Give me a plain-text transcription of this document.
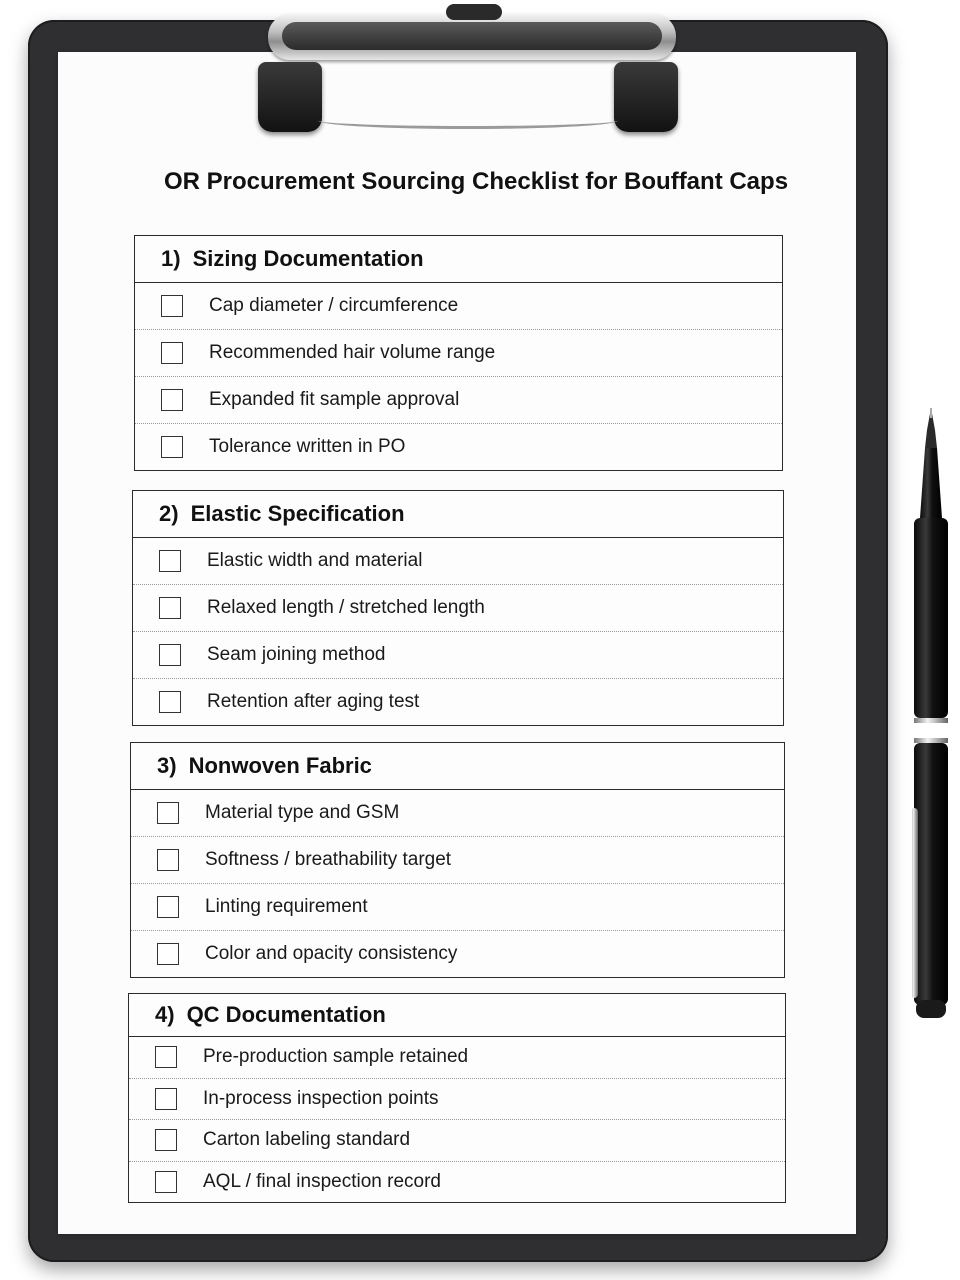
OR Procurement Sourcing Checklist for Bouffant Caps
1) Sizing Documentation
Cap diameter / circumference
Recommended hair volume range
Expanded fit sample approval
Tolerance written in PO
2) Elastic Specification
Elastic width and material
Relaxed length / stretched length
Seam joining method
Retention after aging test
3) Nonwoven Fabric
Material type and GSM
Softness / breathability target
Linting requirement
Color and opacity consistency
4) QC Documentation
Pre-production sample retained
In-process inspection points
Carton labeling standard
AQL / final inspection record
